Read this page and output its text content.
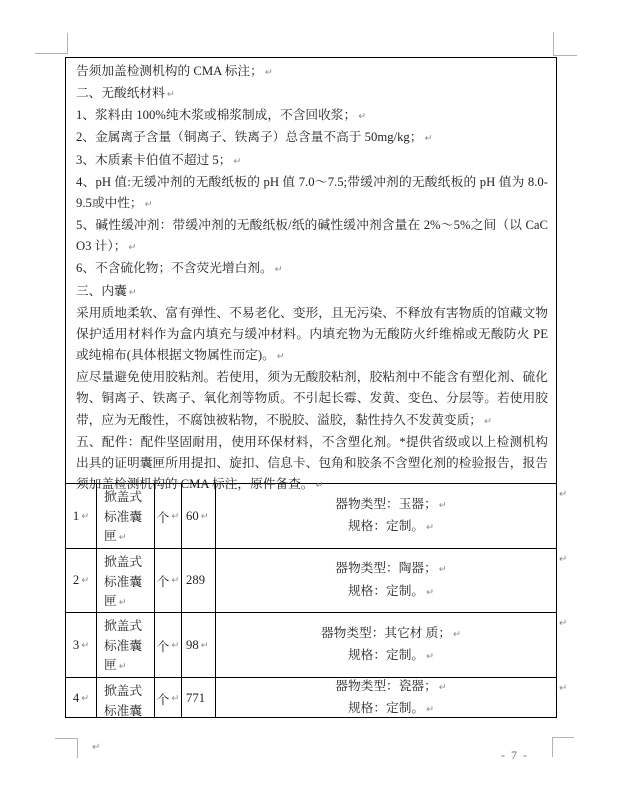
告须加盖检测机构的 CMA 标注； ↵

二、无酸纸材料 ↵

1、浆料由 100%纯木浆或棉浆制成，不含回收浆； ↵

2、金属离子含量（铜离子、铁离子）总含量不高于 50mg/kg； ↵

3、木质素卡伯值不超过 5； ↵

4、pH 值:无缓冲剂的无酸纸板的 pH 值 7.0～7.5;带缓冲剂的无酸纸板的 pH 值为 8.0-9.5或中性； ↵

5、碱性缓冲剂：带缓冲剂的无酸纸板/纸的碱性缓冲剂含量在 2%～5%之间（以 CaCO3 计）； ↵

6、不含硫化物；不含荧光增白剂。 ↵

三、内囊 ↵

采用质地柔软、富有弹性、不易老化、变形，且无污染、不释放有害物质的馆藏文物保护适用材料作为盒内填充与缓冲材料。内填充物为无酸防火纤维棉或无酸防火 PE 或纯棉布(具体根据文物属性而定)。 ↵

应尽量避免使用胶粘剂。若使用，须为无酸胶粘剂，胶粘剂中不能含有塑化剂、硫化物、铜离子、铁离子、氧化剂等物质。不引起长霉、发黄、变色、分层等。若使用胶带，应为无酸性，不腐蚀被粘物，不脱胶、溢胶，黏性持久不发黄变质； ↵

五、配件：配件坚固耐用，使用环保材料，不含塑化剂。*提供省级或以上检测机构出具的证明囊匣所用提扣、旋扣、信息卡、包角和胶条不含塑化剂的检验报告，报告须加盖检测机构的 CMA 标注，原件备查。 ↵

1 ↵
掀盖式标准囊匣 ↵
个 ↵ 60 ↵
器物类型：玉器； ↵
规格：定制。 ↵
2 ↵
掀盖式标准囊匣 ↵
个 ↵ 289
器物类型：陶器； ↵
规格：定制。 ↵
3 ↵
掀盖式标准囊匣 ↵
个 ↵ 98 ↵
器物类型：其它材 质； ↵
规格：定制。 ↵
4 ↵	掀盖式标准囊
个 ↵ 771
器物类型：瓷器； ↵
规格：定制。 ↵
↵
↵
↵
↵
↵
- 7 -
